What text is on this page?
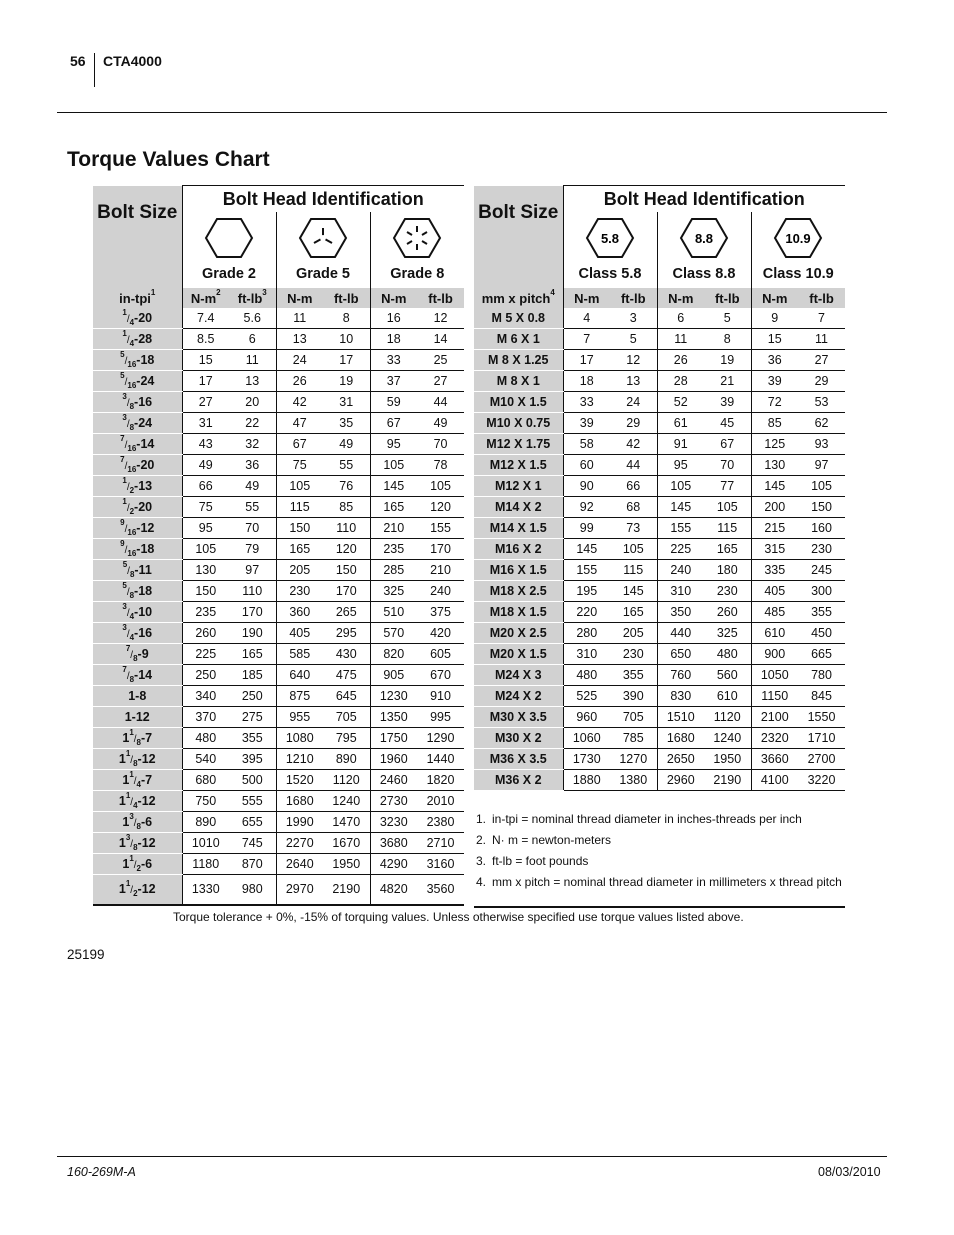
56 CTA4000
Torque Values Chart
Bolt Size	Bolt Head Identification					

	Grade 2		Grade 5		Grade 8	

in-tpi$^1$	$N-m^2$	$ft-lb^3$	N-m	ft-lb	N-m	ft-lb
$^1/_4-20$	7.4	5.6	11	8	16	12
$^1/_4-28$	8.5	6	13	10	18	14
$^5/_{16}-18$	15	11	24	17	33	25
$^5/_{16}-24$	17	13	26	19	37	27
$^3/_8-16$	27	20	42	31	59	44
$^3/_8-24$	31	22	47	35	67	49
$^7/_{16}-14$	43	32	67	49	95	70
$^7/_{16}-20$	49	36	75	55	105	78
$^1/_2-13$	66	49	105	76	145	105
$^1/_2-20$	75	55	115	85	165	120
$^9/_{16}-12$	95	70	150	110	210	155
$^9/_{16}-18$	105	79	165	120	235	170
$^5/_8-11$	130	97	205	150	285	210
$^5/_8-18$	150	110	230	170	325	240
$^3/_4-10$	235	170	360	265	510	375
$^3/_4-16$	260	190	405	295	570	420
$^7/_8-9$	225	165	585	430	820	605
$^7/_8-14$	250	185	640	475	905	670
1-8	340	250	875	645	1230	910
1-12	370	275	955	705	1350	995
$1^1/_8-7$	480	355	1080	795	1750	1290
$1^1/_8-12$	540	395	1210	890	1960	1440
$1^1/_4-7$	680	500	1520	1120	2460	1820
$1^1/_4-12$	750	555	1680	1240	2730	2010
$1^3/_8-6$	890	655	1990	1470	3230	2380
$1^3/_8-12$	1010	745	2270	1670	3680	2710
$1^1/_2-6$	1180	870	2640	1950	4290	3160
$1^1/_2-12$	1330	980	2970	2190	4820	3560
Bolt Size	Bolt Head Identification					

5.8
Class 5.8		8.8
Class 8.8		10.9
Class 10.9	

mm x pitch$^4$	N-m	ft-lb	N-m	ft-lb	N-m	ft-lb
M 5 X 0.8	4	3	6	5	9	7
M 6 X 1	7	5	11	8	15	11
M 8 X 1.25	17	12	26	19	36	27
M 8 X 1	18	13	28	21	39	29
M10 X 1.5	33	24	52	39	72	53
M10 X 0.75	39	29	61	45	85	62
M12 X 1.75	58	42	91	67	125	93
M12 X 1.5	60	44	95	70	130	97
M12 X 1	90	66	105	77	145	105
M14 X 2	92	68	145	105	200	150
M14 X 1.5	99	73	155	115	215	160
M16 X 2	145	105	225	165	315	230
M16 X 1.5	155	115	240	180	335	245
M18 X 2.5	195	145	310	230	405	300
M18 X 1.5	220	165	350	260	485	355
M20 X 2.5	280	205	440	325	610	450
M20 X 1.5	310	230	650	480	900	665
M24 X 3	480	355	760	560	1050	780
M24 X 2	525	390	830	610	1150	845
M30 X 3.5	960	705	1510	1120	2100	1550
M30 X 2	1060	785	1680	1240	2320	1710
M36 X 3.5	1730	1270	2650	1950	3660	2700
M36 X 2	1880	1380	2960	2190	4100	3220
1. in-tpi = nominal thread diameter in inches-threads per inch
2. N· m = newton-meters
3. ft-lb = foot pounds
4. mm x pitch = nominal thread diameter in millimeters x thread pitch
Torque tolerance + 0%, -15% of torquing values. Unless otherwise specified use torque values listed above.
25199
160-269M-A	08/03/2010
